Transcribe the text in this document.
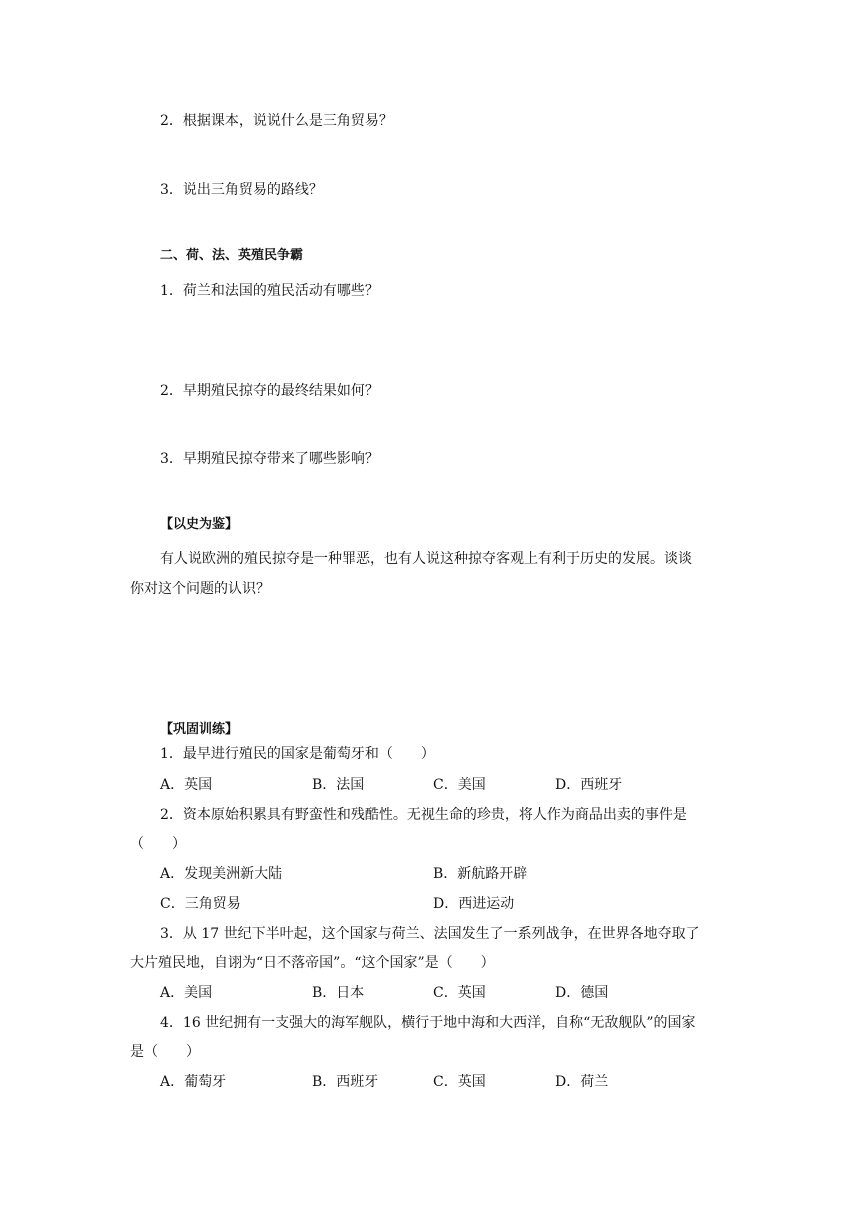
2．根据课本，说说什么是三角贸易？
3．说出三角贸易的路线？
二、荷、法、英殖民争霸
1．荷兰和法国的殖民活动有哪些？
2．早期殖民掠夺的最终结果如何？
3．早期殖民掠夺带来了哪些影响？
【以史为鉴】
有人说欧洲的殖民掠夺是一种罪恶，也有人说这种掠夺客观上有利于历史的发展。谈谈
你对这个问题的认识？
【巩固训练】
1．最早进行殖民的国家是葡萄牙和（　　）
A．英国	B．法国	C．美国	D．西班牙
2．资本原始积累具有野蛮性和残酷性。无视生命的珍贵，将人作为商品出卖的事件是
（　　）
A．发现美洲新大陆	B．新航路开辟
C．三角贸易	D．西进运动
3．从 17 世纪下半叶起，这个国家与荷兰、法国发生了一系列战争，在世界各地夺取了
大片殖民地，自诩为“日不落帝国”。“这个国家”是（　　）
A．美国	B．日本	C．英国	D．德国
4．16 世纪拥有一支强大的海军舰队，横行于地中海和大西洋，自称“无敌舰队”的国家
是（　　）
A．葡萄牙	B．西班牙	C．英国	D．荷兰
